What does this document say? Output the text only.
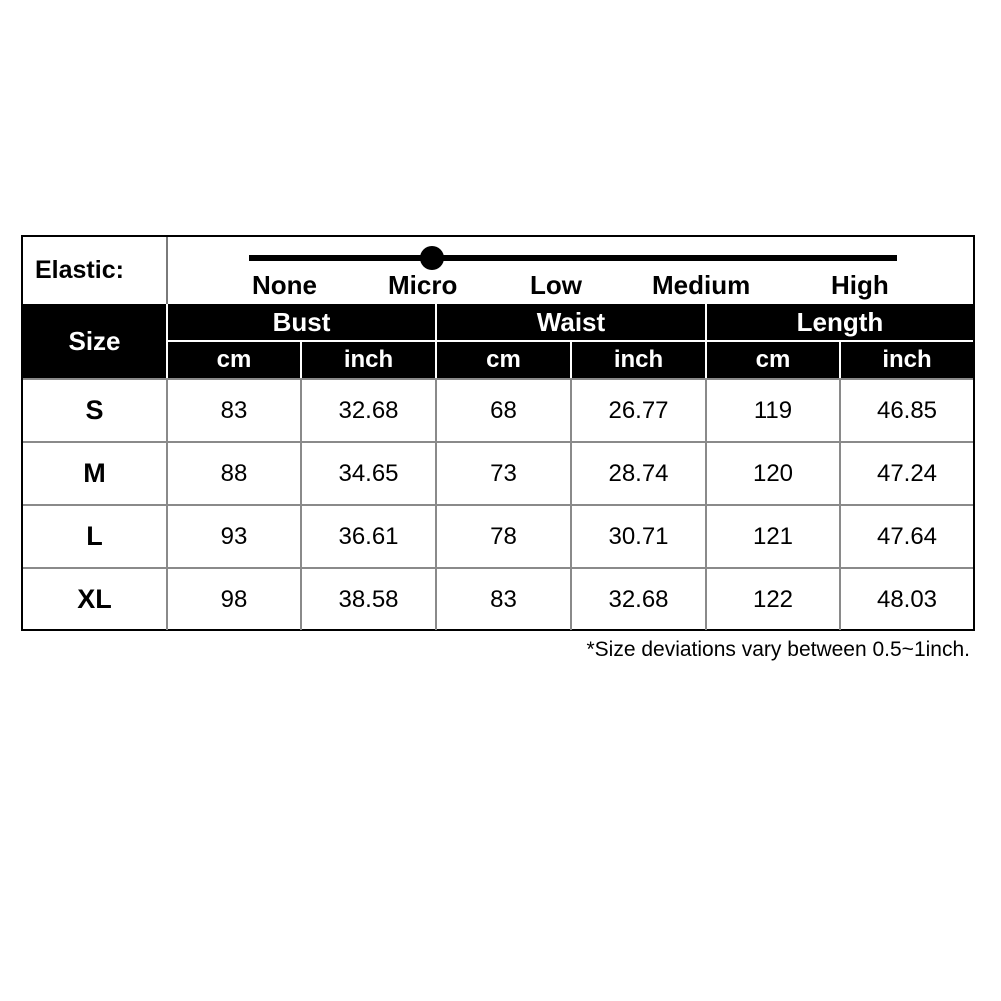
Elastic:	None	Micro	Low	Medium	High
Size
Bust	Waist	Length
cm	inch	cm	inch	cm	inch
S	83	32.68	68	26.77	119	46.85
M	88	34.65	73	28.74	120	47.24
L	93	36.61	78	30.71	121	47.64
XL	98	38.58	83	32.68	122	48.03
*Size deviations vary between 0.5~1inch.
